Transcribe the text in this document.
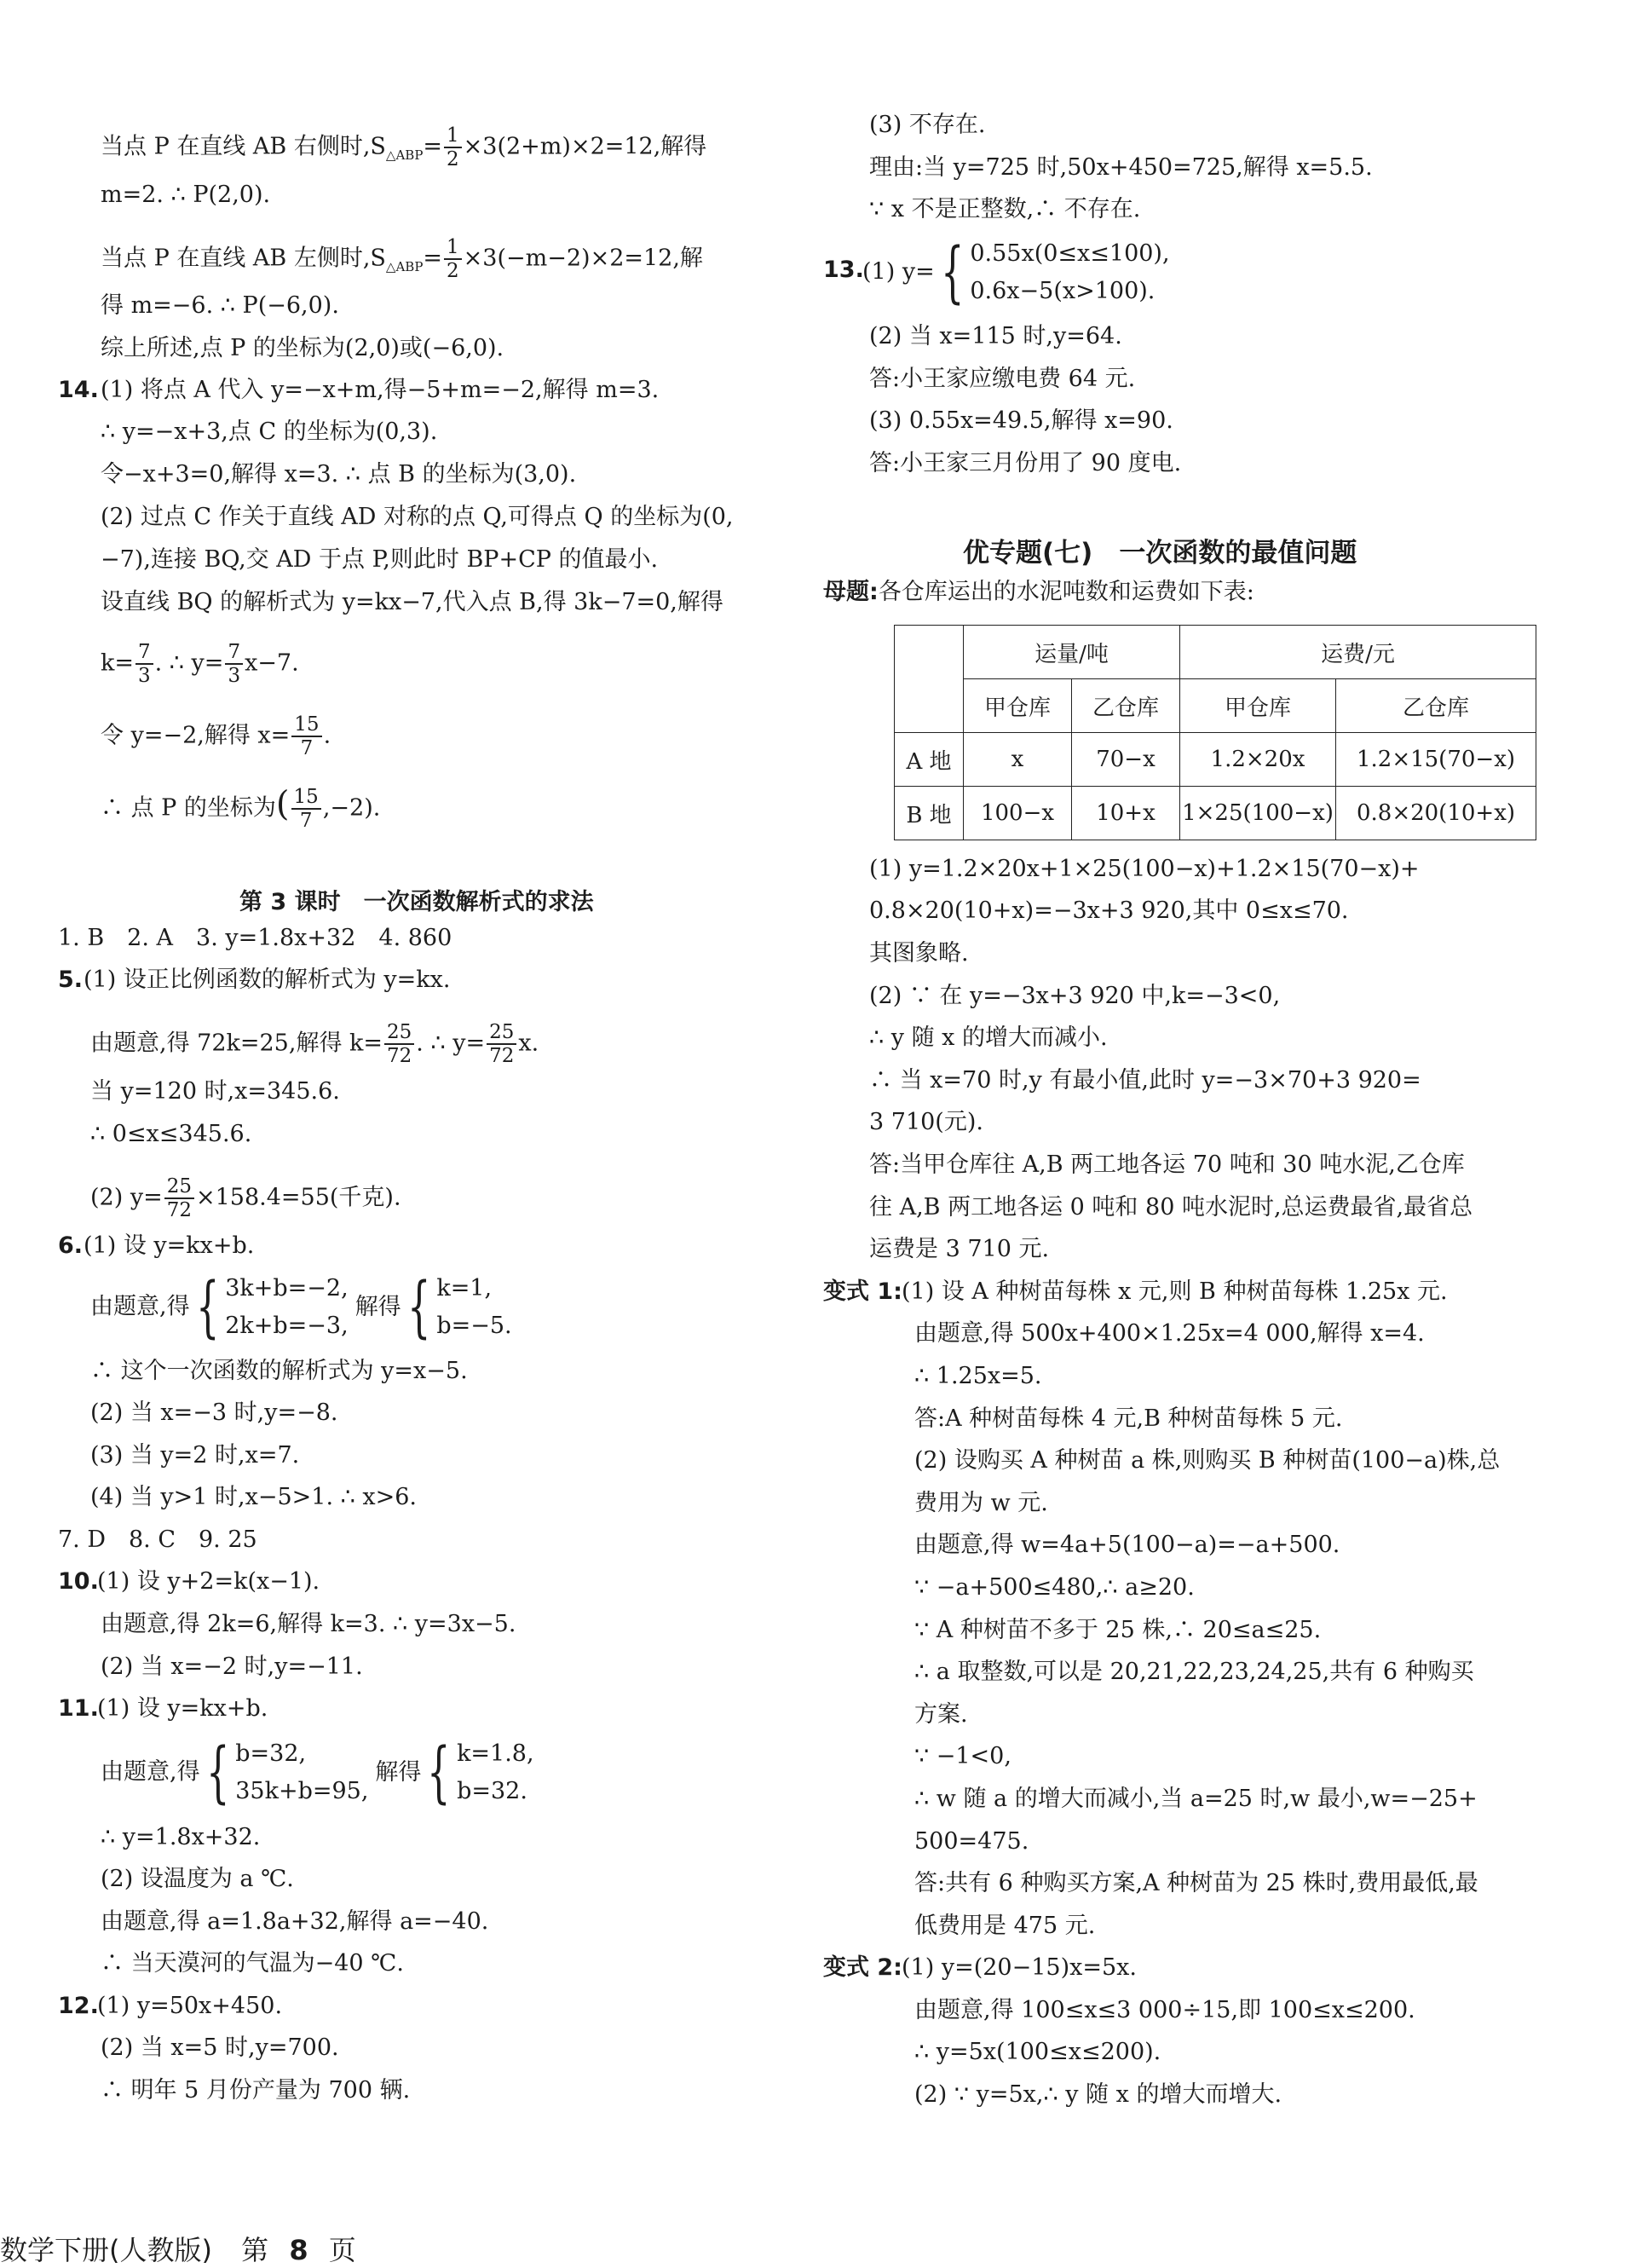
当点 P 在直线 AB 右侧时$,S_{\triangle ABP}= \frac{1}{2} \times 3(2+m)\times 2=12$,解得
m=2. ∴ P(2,0).
当点 P 在直线 AB 左侧时$,S_{\triangle ABP}= \frac{1}{2} \times 3(-m-2)\times 2=12$,解
得 m=−6. ∴ P(−6,0).
综上所述,点 P 的坐标为(2,0)或(−6,0).
14. (1) 将点 A 代入 y=−x+m,得−5+m=−2,解得 m=3.
∴ y=−x+3,点 C 的坐标为(0,3).
令−x+3=0,解得 x=3. ∴ 点 B 的坐标为(3,0).
(2) 过点 C 作关于直线 AD 对称的点 Q,可得点 Q 的坐标为(0,
−7),连接 BQ,交 AD 于点 P,则此时 BP+CP 的值最小.
设直线 BQ 的解析式为 y=kx−7,代入点 B,得 3k−7=0,解得
$k= \frac{7}{3}$ . ∴ $y= \frac{7}{3} x-7$.
令 y=−2,解得 $x= \frac{15}{7}$ .
∴ 点 P 的坐标为( $\frac{15}{7} ,-2$).
第 3 课时　一次函数解析式的求法
1. B　2. A　3. y=1.8x+32　4. 860
5. (1) 设正比例函数的解析式为 y=kx.
由题意,得 72k=25,解得 $k= \frac{25}{72}$ . ∴ $y= \frac{25}{72} x$.
当 y=120 时,x=345.6.
∴ 0≤x≤345.6.
(2) $y= \frac{25}{72} \times 158.4=55$(千克).
6. (1) 设 y=kx+b.
由题意,得{ 3k+b=−2,
2k+b=−3,
解得{ k=1,
b=−5.
∴ 这个一次函数的解析式为 y=x−5.
(2) 当 x=−3 时,y=−8.
(3) 当 y=2 时,x=7.
(4) 当 y>1 时,x−5>1. ∴ x>6.
7. D　8. C　9. 25
10.
(1) 设 y+2=k(x−1).
由题意,得 2k=6,解得 k=3. ∴ y=3x−5.
(2) 当 x=−2 时,y=−11.
11.
(1) 设 y=kx+b.
由题意,得{ b=32,
35k+b=95,
解得{ k=1.8,
b=32.
∴ y=1.8x+32.
(2) 设温度为 a ℃.
由题意,得 a=1.8a+32,解得 a=−40.
∴ 当天漠河的气温为−40 ℃.
12.
(1) y=50x+450.
(2) 当 x=5 时,y=700.
∴ 明年 5 月份产量为 700 辆.
(3) 不存在.
理由:当 y=725 时,50x+450=725,解得 x=5.5.
∵ x 不是正整数,∴ 不存在.
13.
(1) y={ 0.55x(0≤x≤100),
0.6x−5(x>100).
(2) 当 x=115 时,y=64.
答:小王家应缴电费 64 元.
(3) 0.55x=49.5,解得 x=90.
答:小王家三月份用了 90 度电.
优专题(七)　一次函数的最值问题
母题:各仓库运出的水泥吨数和运费如下表:
(1) y=1.2×20x+1×25(100−x)+1.2×15(70−x)+
0.8×20(10+x)=−3x+3 920,其中 0≤x≤70.
其图象略.
(2) ∵ 在 y=−3x+3 920 中,k=−3<0,
∴ y 随 x 的增大而减小.
∴ 当 x=70 时,y 有最小值,此时 y=−3×70+3 920=
3 710(元).
答:当甲仓库往 A,B 两工地各运 70 吨和 30 吨水泥,乙仓库
往 A,B 两工地各运 0 吨和 80 吨水泥时,总运费最省,最省总
运费是 3 710 元.
变式 1: (1) 设 A 种树苗每株 x 元,则 B 种树苗每株 1.25x 元.
由题意,得 500x+400×1.25x=4 000,解得 x=4.
∴ 1.25x=5.
答:A 种树苗每株 4 元,B 种树苗每株 5 元.
(2) 设购买 A 种树苗 a 株,则购买 B 种树苗(100−a)株,总
费用为 w 元.
由题意,得 w=4a+5(100−a)=−a+500.
∵ −a+500≤480,∴ a≥20.
∵ A 种树苗不多于 25 株,∴ 20≤a≤25.
∴ a 取整数,可以是 20,21,22,23,24,25,共有 6 种购买
方案.
∵ −1<0,
∴ w 随 a 的增大而减小,当 a=25 时,w 最小,w=−25+
500=475.
答:共有 6 种购买方案,A 种树苗为 25 株时,费用最低,最
低费用是 475 元.
变式 2: (1) y=(20−15)x=5x.
由题意,得 100≤x≤3 000÷15,即 100≤x≤200.
∴ y=5x(100≤x≤200).
(2) ∵ y=5x,∴ y 随 x 的增大而增大.
	运量/吨		运费/元	
	甲仓库	乙仓库	甲仓库	乙仓库
A 地	x	70−x	1.2×20x	1.2×15(70−x)
B 地	100−x	10+x	1×25(100−x)	0.8×20(10+x)
数学下册(人教版) 第 8 页
